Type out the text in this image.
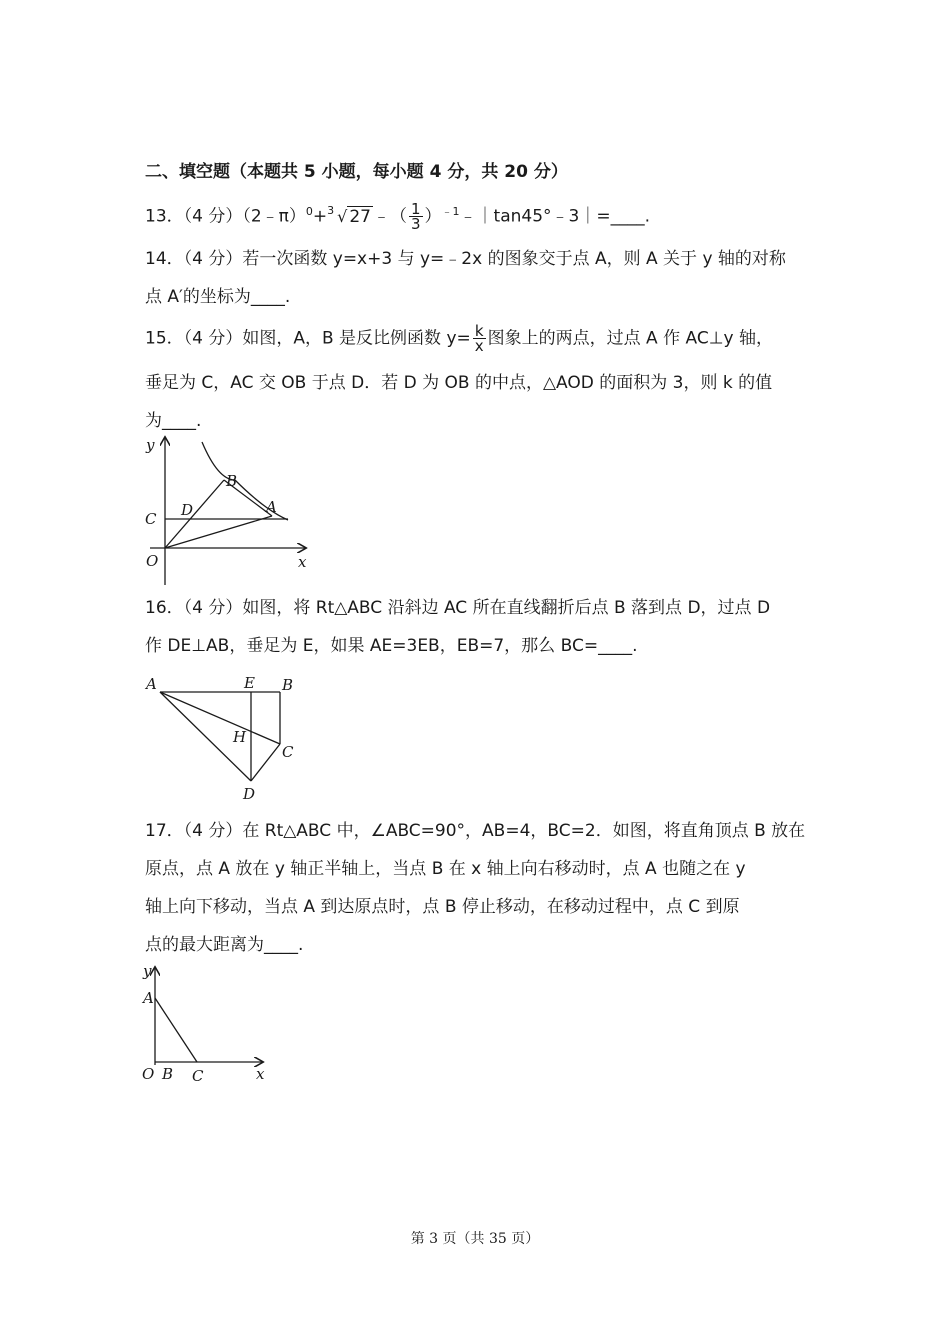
二、填空题（本题共 5 小题，每小题 4 分，共 20 分）
13．（4 分）（2﹣π）$^0$+ 3 √ 27 ﹣（ $\frac{1}{3}$ ）$^{﹣1}$﹣｜tan45°﹣3｜=____.
14．（4 分）若一次函数 y=x+3 与 y=﹣2x 的图象交于点 A，则 A 关于 y 轴的对称
点 A′的坐标为____.
15．（4 分）如图，A，B 是反比例函数 $y= \frac{k}{x}$ 图象上的两点，过点 A 作 AC⊥y 轴，
垂足为 C，AC 交 OB 于点 D．若 D 为 OB 的中点，△AOD 的面积为 3，则 k 的值
为____.
y
x
O
C D
B
A
16．（4 分）如图，将 Rt△ABC 沿斜边 AC 所在直线翻折后点 B 落到点 D，过点 D
作 DE⊥AB，垂足为 E，如果 AE=3EB，EB=7，那么 BC=____.
A	E B
H
C
D
17．（4 分）在 Rt△ABC 中，∠ABC=90°，AB=4，BC=2．如图，将直角顶点 B 放在
原点，点 A 放在 y 轴正半轴上，当点 B 在 x 轴上向右移动时，点 A 也随之在 y
轴上向下移动，当点 A 到达原点时，点 B 停止移动，在移动过程中，点 C 到原
点的最大距离为____.
y
A
O B C	x
第 3 页（共 35 页）
